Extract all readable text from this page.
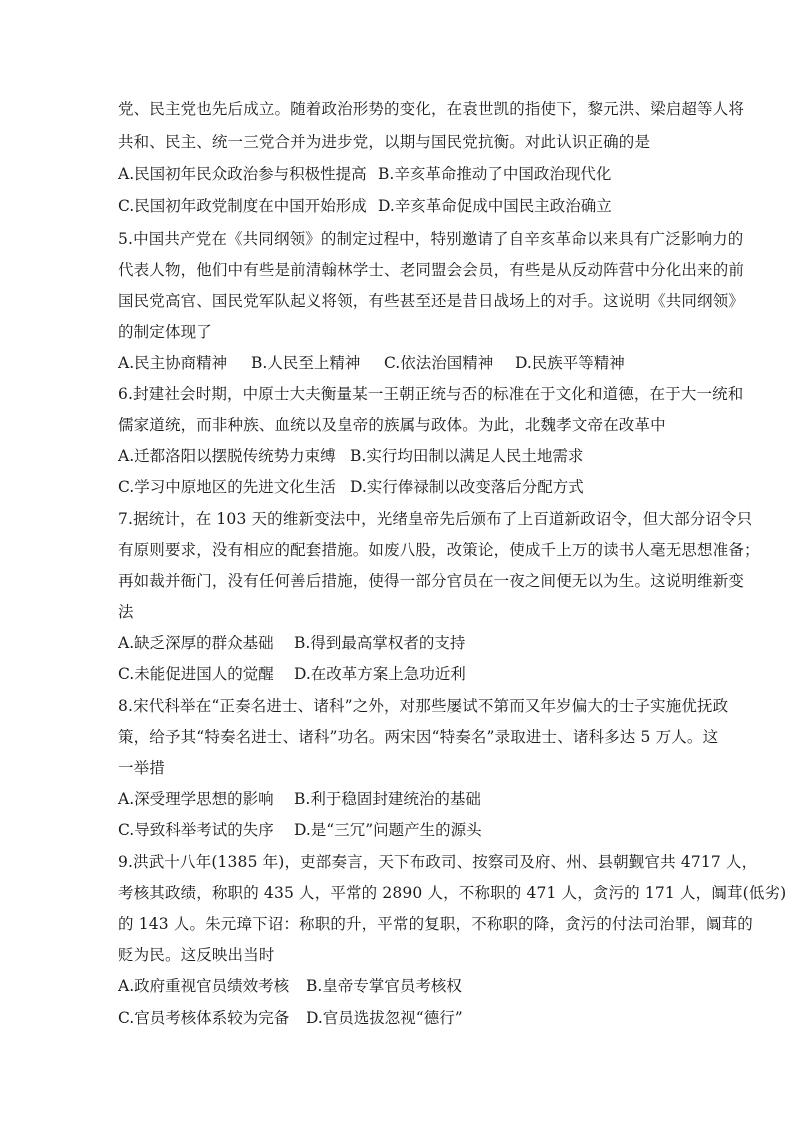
党、民主党也先后成立。随着政治形势的变化，在袁世凯的指使下，黎元洪、梁启超等人将
共和、民主、统一三党合并为进步党，以期与国民党抗衡。对此认识正确的是
A.民国初年民众政治参与积极性提高 B.辛亥革命推动了中国政治现代化
C.民国初年政党制度在中国开始形成 D.辛亥革命促成中国民主政治确立
5.中国共产党在《共同纲领》的制定过程中，特别邀请了自辛亥革命以来具有广泛影响力的
代表人物，他们中有些是前清翰林学士、老同盟会会员，有些是从反动阵营中分化出来的前
国民党高官、国民党军队起义将领，有些甚至还是昔日战场上的对手。这说明《共同纲领》
的制定体现了
A.民主协商精神 B.人民至上精神 C.依法治国精神 D.民族平等精神
6.封建社会时期，中原士大夫衡量某一王朝正统与否的标准在于文化和道德，在于大一统和
儒家道统，而非种族、血统以及皇帝的族属与政体。为此，北魏孝文帝在改革中
A.迁都洛阳以摆脱传统势力束缚 B.实行均田制以满足人民土地需求
C.学习中原地区的先进文化生活 D.实行俸禄制以改变落后分配方式
7.据统计，在 103 天的维新变法中，光绪皇帝先后颁布了上百道新政诏令，但大部分诏令只
有原则要求，没有相应的配套措施。如废八股，改策论，使成千上万的读书人毫无思想准备；
再如裁并衙门，没有任何善后措施，使得一部分官员在一夜之间便无以为生。这说明维新变
法
A.缺乏深厚的群众基础 B.得到最高掌权者的支持
C.未能促进国人的觉醒 D.在改革方案上急功近利
8.宋代科举在“正奏名进士、诸科”之外，对那些屡试不第而又年岁偏大的士子实施优抚政
策，给予其“特奏名进士、诸科”功名。两宋因“特奏名”录取进士、诸科多达 5 万人。这
一举措
A.深受理学思想的影响 B.利于稳固封建统治的基础
C.导致科举考试的失序 D.是“三冗”问题产生的源头
9.洪武十八年(1385 年)，吏部奏言，天下布政司、按察司及府、州、县朝觐官共 4717 人，
考核其政绩，称职的 435 人，平常的 2890 人，不称职的 471 人，贪污的 171 人，阘茸(低劣)
的 143 人。朱元璋下诏：称职的升，平常的复职，不称职的降，贪污的付法司治罪，阘茸的
贬为民。这反映出当时
A.政府重视官员绩效考核 B.皇帝专掌官员考核权
C.官员考核体系较为完备 D.官员选拔忽视“德行”
